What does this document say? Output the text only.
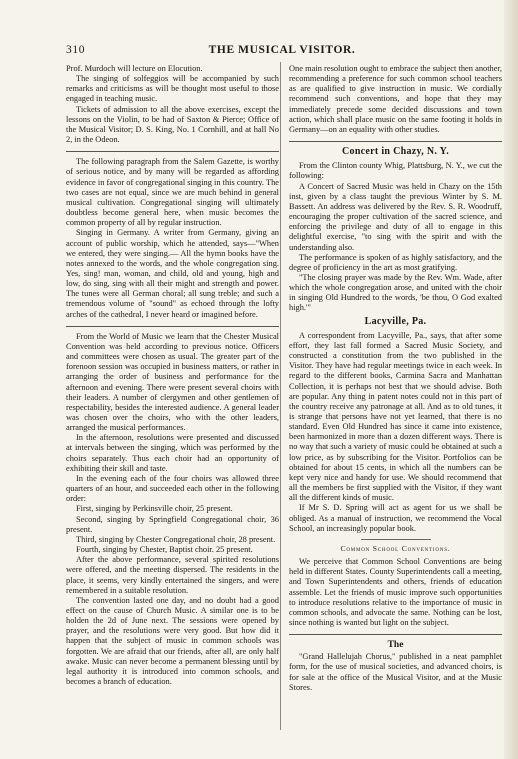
310	THE MUSICAL VISITOR.

Prof. Murdoch will lecture on Elocution.

The singing of solfeggios will be accompanied by such remarks and criticisms as will be thought most useful to those engaged in teaching music.

Tickets of admission to all the above exercises, except the lessons on the Violin, to be had of Saxton & Pierce; Office of the Musical Visitor; D. S. King, No. 1 Cornhill, and at hall No 2, in the Odeon.

The following paragraph from the Salem Gazette, is worthy of serious notice, and by many will be regarded as affording evidence in favor of congregational singing in this country. The two cases are not equal, since we are much behind in general musical cultivation. Congregational singing will ultimately doubtless become general here, when music becomes the common property of all by regular instruction.

Singing in Germany. A writer from Germany, giving an account of public worship, which he attended, says—"When we entered, they were singing.— All the hymn books have the notes annexed to the words, and the whole congregation sing. Yes, sing! man, woman, and child, old and young, high and low, do sing, sing with all their might and strength and power. The tunes were all German choral; all sung treble; and such a tremendous volume of "sound" as echoed through the lofty arches of the cathedral, I never heard or imagined before.

From the World of Music we learn that the Chester Musical Convention was held according to previous notice. Officers and committees were chosen as usual. The greater part of the forenoon session was occupied in business matters, or rather in arranging the order of business and performance for the afternoon and evening. There were present several choirs with their leaders. A number of clergymen and other gentlemen of respectability, besides the interested audience. A general leader was chosen over the choirs, who with the other leaders, arranged the musical performances.

In the afternoon, resolutions were presented and discussed at intervals between the singing, which was performed by the choirs separately. Thus each choir had an opportunity of exhibiting their skill and taste.

In the evening each of the four choirs was allowed three quarters of an hour, and succeeded each other in the following order:

First, singing by Perkinsville choir, 25 present.

Second, singing by Springfield Congregational choir, 36 present.

Third, singing by Chester Congregational choir, 28 present.

Fourth, singing by Chester, Baptist choir. 25 present.

After the above performance, several spirited resolutions were offered, and the meeting dispersed. The residents in the place, it seems, very kindly entertained the singers, and were remembered in a suitable resolution.

The convention lasted one day, and no doubt had a good effect on the cause of Church Music. A similar one is to be holden the 2d of June next. The sessions were opened by prayer, and the resolutions were very good. But how did it happen that the subject of music in common schools was forgotten. We are afraid that our friends, after all, are only half awake. Music can never become a permanent blessing until by legal authority it is introduced into common schools, and becomes a branch of education.

One main resolution ought to embrace the subject then another, recommending a preference for such common school teachers as are qualified to give instruction in music. We cordially recommend such conventions, and hope that they may immediately precede some decided discussions and town action, which shall place music on the same footing it holds in Germany—on an equality with other studies.

Concert in Chazy, N. Y.

From the Clinton county Whig, Plattsburg, N. Y., we cut the following:

A Concert of Sacred Music was held in Chazy on the 15th inst, given by a class taught the previous Winter by S. M. Bassett. An address was delivered by the Rev. S. R. Woodruff, encouraging the proper cultivation of the sacred science, and enforcing the privilege and duty of all to engage in this delightful exercise, "to sing with the spirit and with the understanding also.

The performance is spoken of as highly satisfactory, and the degree of proficiency in the art as most gratifying.

"The closing prayer was made by the Rev. Wm. Wade, after which the whole congregation arose, and united with the choir in singing Old Hundred to the words, 'be thou, O God exalted high.'"

Lacyville, Pa.

A correspondent from Lacyville, Pa., says, that after some effort, they last fall formed a Sacred Music Society, and constructed a constitution from the two published in the Visitor. They have had regular meetings twice in each week. In regard to the different books, Carmina Sacra and Manhattan Collection, it is perhaps not best that we should advise. Both are popular. Any thing in patent notes could not in this part of the country receive any patronage at all. And as to old tunes, it is strange that persons have not yet learned, that there is no standard. Even Old Hundred has since it came into existence, been harmonized in more than a dozen different ways. There is no way that such a variety of music could be obtained at such a low price, as by subscribing for the Visitor. Portfolios can be obtained for about 15 cents, in which all the numbers can be kept very nice and handy for use. We should recommend that all the members be first supplied with the Visitor, if they want all the different kinds of music.

If Mr S. D. Spring will act as agent for us we shall be obliged. As a manual of instruction, we recommend the Vocal School, an increasingly popular book.

Common School Conventions.

We perceive that Common School Conventions are being held in different States. County Superintendents call a meeting, and Town Superintendents and others, friends of education assemble. Let the friends of music improve such opportunities to introduce resolutions relative to the importance of music in common schools, and advocate the same. Nothing can be lost, since nothing is wanted but light on the subject.

The

"Grand Hallelujah Chorus," published in a neat pamphlet form, for the use of musical societies, and advanced choirs, is for sale at the office of the Musical Visitor, and at the Music Stores.
